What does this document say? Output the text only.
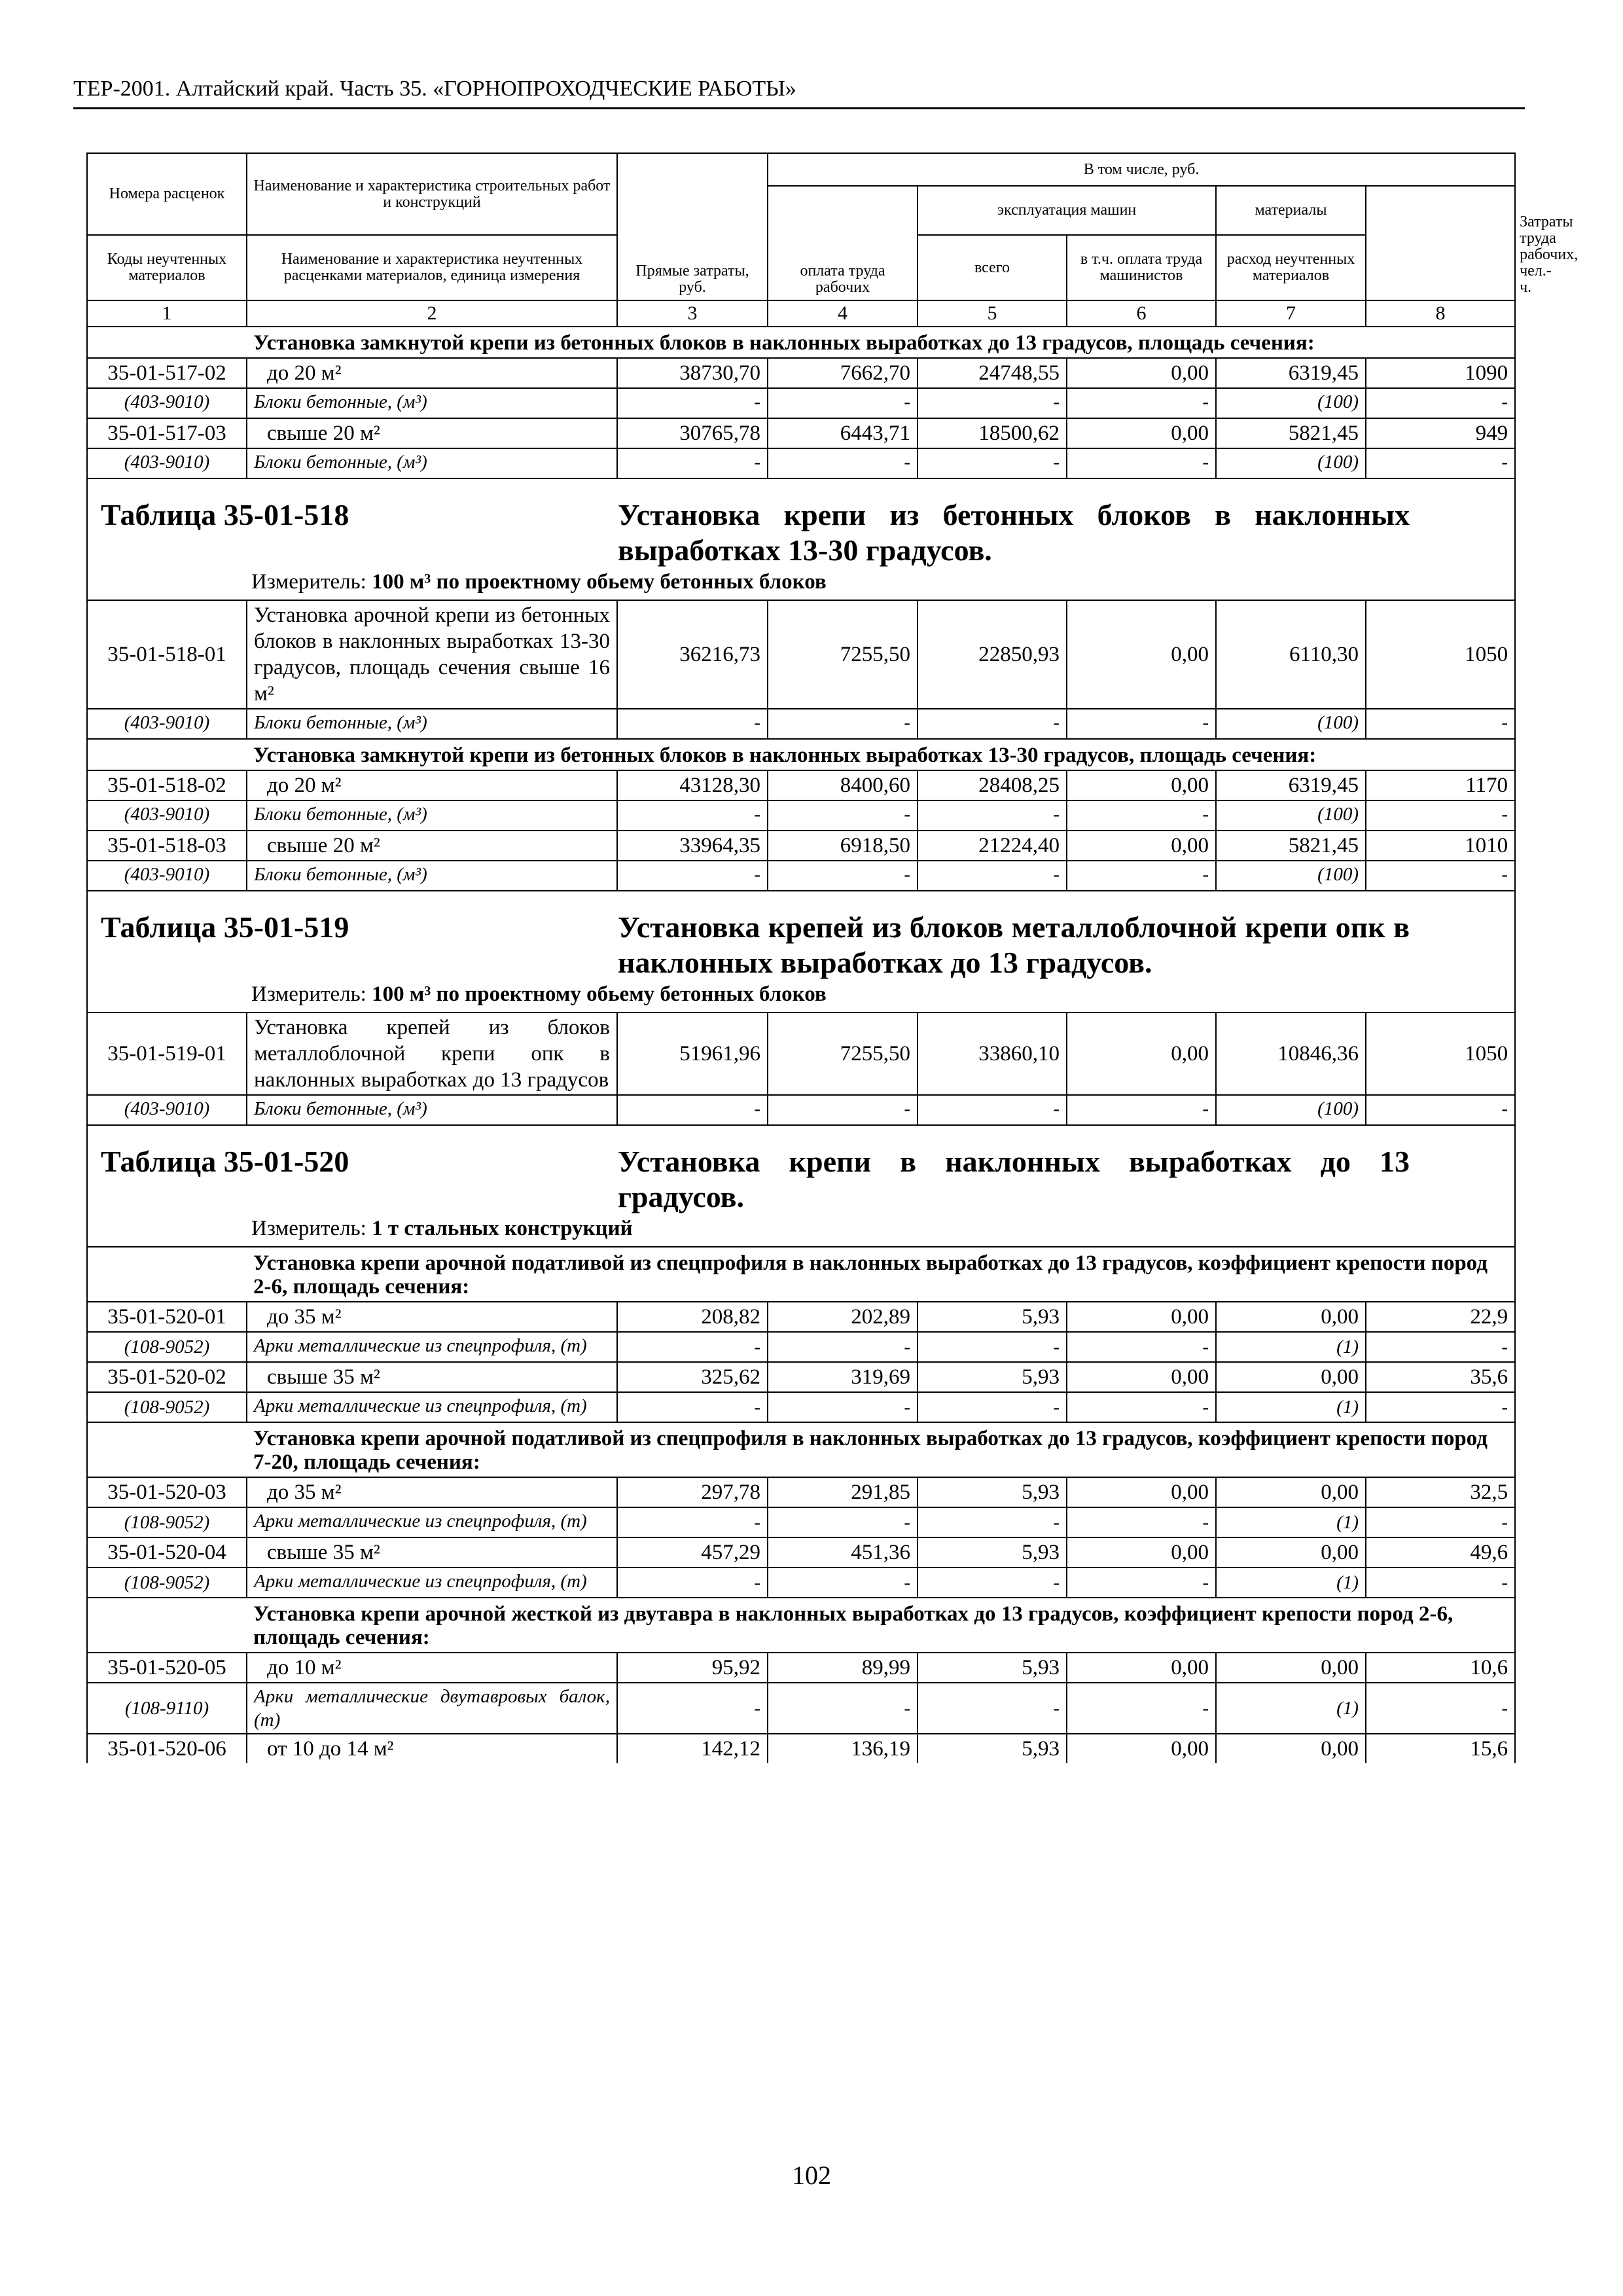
ТЕР-2001. Алтайский край. Часть 35. «ГОРНОПРОХОДЧЕСКИЕ РАБОТЫ»
Номера расценок	Наименование и характеристика строительных работ и конструкций	Прямые затраты, руб.	В том числе, руб.					Затраты труда рабочих, чел.-ч.
			оплата труда рабочих	эксплуатация машин		материалы		
Коды неучтенных материалов	Наименование и характеристика неучтенных расценками материалов, единица измерения			всего	в т.ч. оплата труда машинистов	расход неучтенных материалов		

1	2	3	4	5	6	7	8	
	Установка замкнутой крепи из бетонных блоков в наклонных выработках до 13 градусов, площадь сечения:							
35-01-517-02	до 20 м²	38730,70	7662,70	24748,55	0,00	6319,45	1090	
(403-9010)	Блоки бетонные, (м³)	-	-	-	-	(100)	-	
35-01-517-03	свыше 20 м²	30765,78	6443,71	18500,62	0,00	5821,45	949	
(403-9010)	Блоки бетонные, (м³)	-	-	-	-	(100)	-	

Таблица 35-01-518 Установка крепи из бетонных блоков в наклонных выработках 13-30 градусов.
Измеритель: 100 м³ по проектному обьему бетонных блоков								

35-01-518-01	Установка арочной крепи из бетонных блоков в наклонных выработках 13-30 градусов, площадь сечения свыше 16 м²	36216,73	7255,50	22850,93	0,00	6110,30	1050	
(403-9010)	Блоки бетонные, (м³)	-	-	-	-	(100)	-	
	Установка замкнутой крепи из бетонных блоков в наклонных выработках 13-30 градусов, площадь сечения:							
35-01-518-02	до 20 м²	43128,30	8400,60	28408,25	0,00	6319,45	1170	
(403-9010)	Блоки бетонные, (м³)	-	-	-	-	(100)	-	
35-01-518-03	свыше 20 м²	33964,35	6918,50	21224,40	0,00	5821,45	1010	
(403-9010)	Блоки бетонные, (м³)	-	-	-	-	(100)	-	

Таблица 35-01-519 Установка крепей из блоков металлоблочной крепи опк в наклонных выработках до 13 градусов.
Измеритель: 100 м³ по проектному обьему бетонных блоков								

35-01-519-01	Установка крепей из блоков металлоблочной крепи опк в наклонных выработках до 13 градусов	51961,96	7255,50	33860,10	0,00	10846,36	1050	
(403-9010)	Блоки бетонные, (м³)	-	-	-	-	(100)	-	

Таблица 35-01-520 Установка крепи в наклонных выработках до 13 градусов.
Измеритель: 1 т стальных конструкций								

	Установка крепи арочной податливой из спецпрофиля в наклонных выработках до 13 градусов, коэффициент крепости пород 2-6, площадь сечения:							
35-01-520-01	до 35 м²	208,82	202,89	5,93	0,00	0,00	22,9	
(108-9052)	Арки металлические из спецпрофиля, (т)	-	-	-	-	(1)	-	
35-01-520-02	свыше 35 м²	325,62	319,69	5,93	0,00	0,00	35,6	
(108-9052)	Арки металлические из спецпрофиля, (т)	-	-	-	-	(1)	-	
	Установка крепи арочной податливой из спецпрофиля в наклонных выработках до 13 градусов, коэффициент крепости пород 7-20, площадь сечения:							
35-01-520-03	до 35 м²	297,78	291,85	5,93	0,00	0,00	32,5	
(108-9052)	Арки металлические из спецпрофиля, (т)	-	-	-	-	(1)	-	
35-01-520-04	свыше 35 м²	457,29	451,36	5,93	0,00	0,00	49,6	
(108-9052)	Арки металлические из спецпрофиля, (т)	-	-	-	-	(1)	-	
	Установка крепи арочной жесткой из двутавра в наклонных выработках до 13 градусов, коэффициент крепости пород 2-6, площадь сечения:							
35-01-520-05	до 10 м²	95,92	89,99	5,93	0,00	0,00	10,6	
(108-9110)	Арки металлические двутавровых балок, (т)	-	-	-	-	(1)	-	
35-01-520-06	от 10 до 14 м²	142,12	136,19	5,93	0,00	0,00	15,6	
102
